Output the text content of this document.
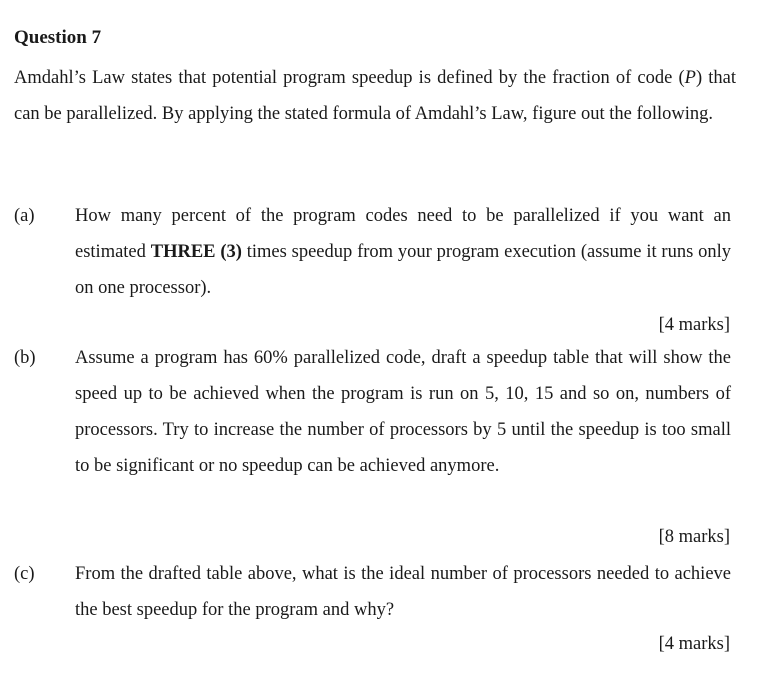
Question 7
Amdahl’s Law states that potential program speedup is defined by the fraction of code (P) that can be parallelized. By applying the stated formula of Amdahl’s Law, figure out the following.
(a) How many percent of the program codes need to be parallelized if you want an estimated THREE (3) times speedup from your program execution (assume it runs only on one processor).
[4 marks]
(b) Assume a program has 60% parallelized code, draft a speedup table that will show the speed up to be achieved when the program is run on 5, 10, 15 and so on, numbers of processors. Try to increase the number of processors by 5 until the speedup is too small to be significant or no speedup can be achieved anymore.
[8 marks]
(c) From the drafted table above, what is the ideal number of processors needed to achieve the best speedup for the program and why?
[4 marks]
